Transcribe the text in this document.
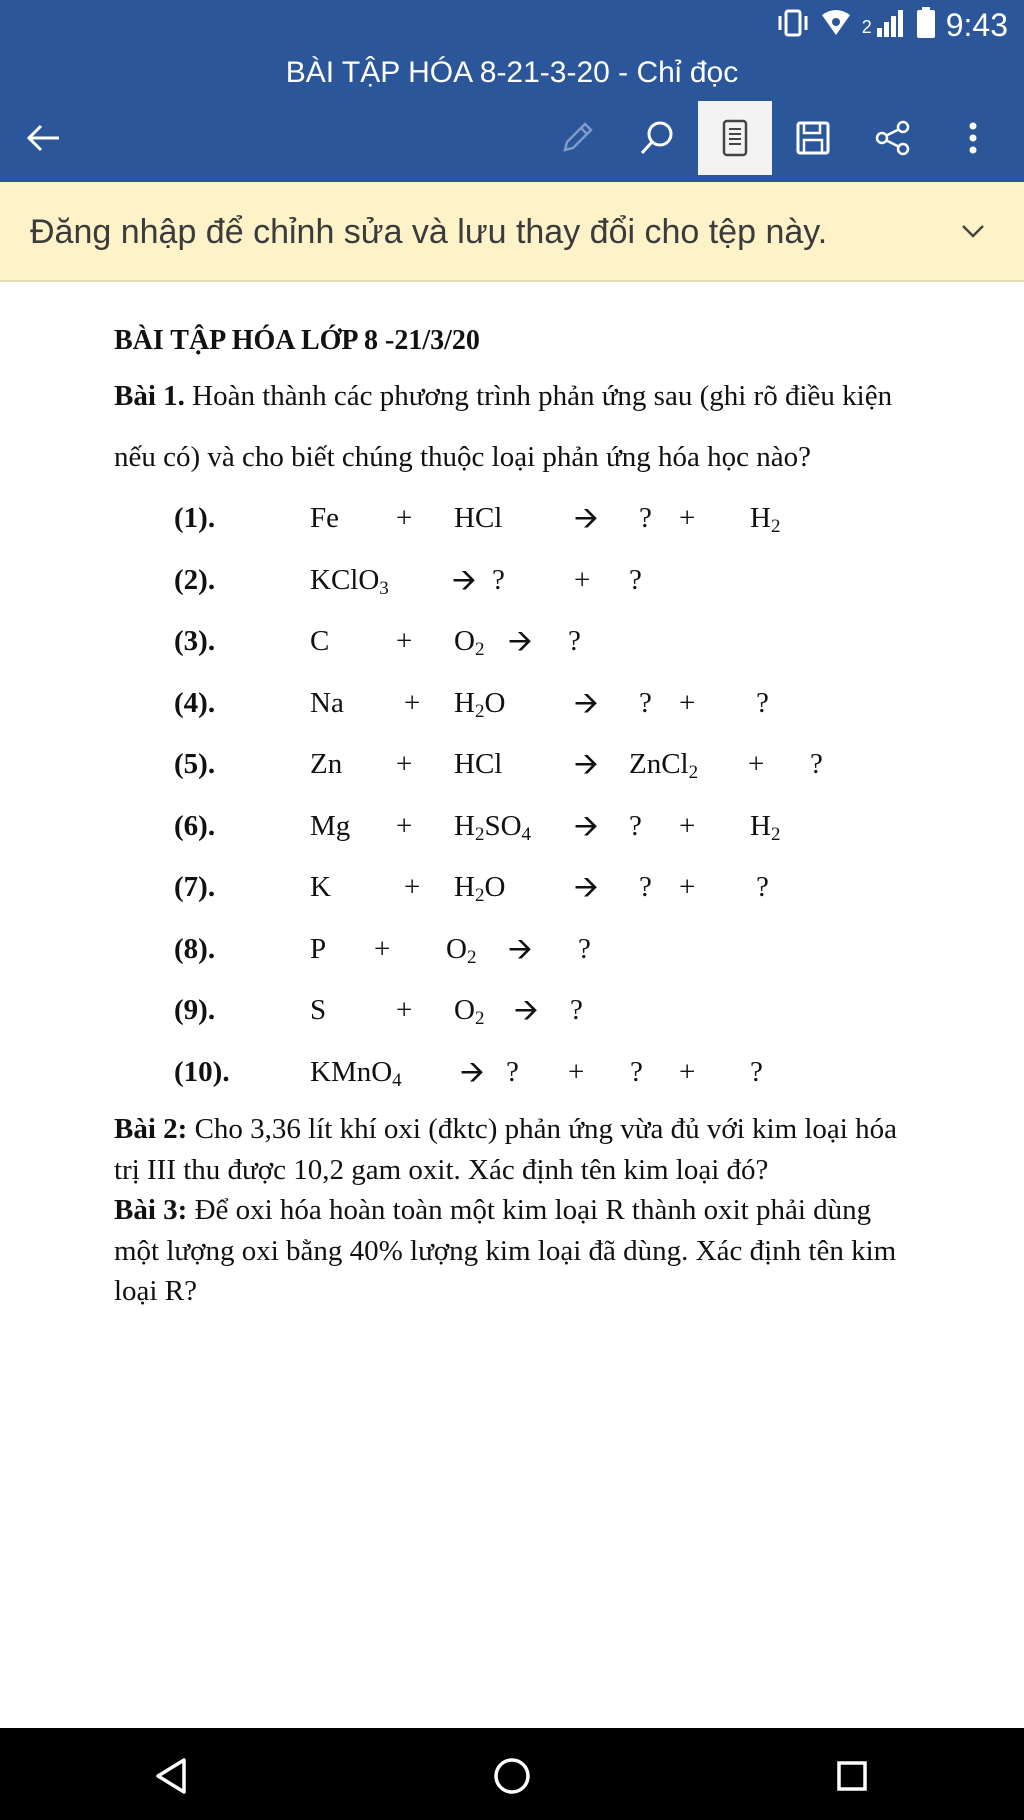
2 9:43
BÀI TẬP HÓA 8-21-3-20 - Chỉ đọc
Đăng nhập để chỉnh sửa và lưu thay đổi cho tệp này.
BÀI TẬP HÓA LỚP 8 -21/3/20
Bài 1. Hoàn thành các phương trình phản ứng sau (ghi rõ điều kiện nếu có) và cho biết chúng thuộc loại phản ứng hóa học nào?
(1).	Fe + HCl 🡪 ? + $H_2$
(2).	KClO$_3$ 🡪 ? + ?
(3).	$C + O_2$ 🡪 ?
(4).	$Na + H_2O$ 🡪 ? + ?
(5).	Zn + HCl 🡪 ZnCl$_2$ + ?
(6).	$Mg + H_2SO_4$ 🡪 ? + $H_2$
(7).	K	+ $H_2O$ 🡪 ? + ?
(8).	$P + O_2$ 🡪 ?
(9).	$S + O_2$ 🡪 ?
(10).	KMnO$_4$ 🡪 ? + ? + ?
Bài 2: Cho 3,36 lít khí oxi (đktc) phản ứng vừa đủ với kim loại hóa trị III thu được 10,2 gam oxit. Xác định tên kim loại đó?
Bài 3: Để oxi hóa hoàn toàn một kim loại R thành oxit phải dùng một lượng oxi bằng 40% lượng kim loại đã dùng. Xác định tên kim loại R?
